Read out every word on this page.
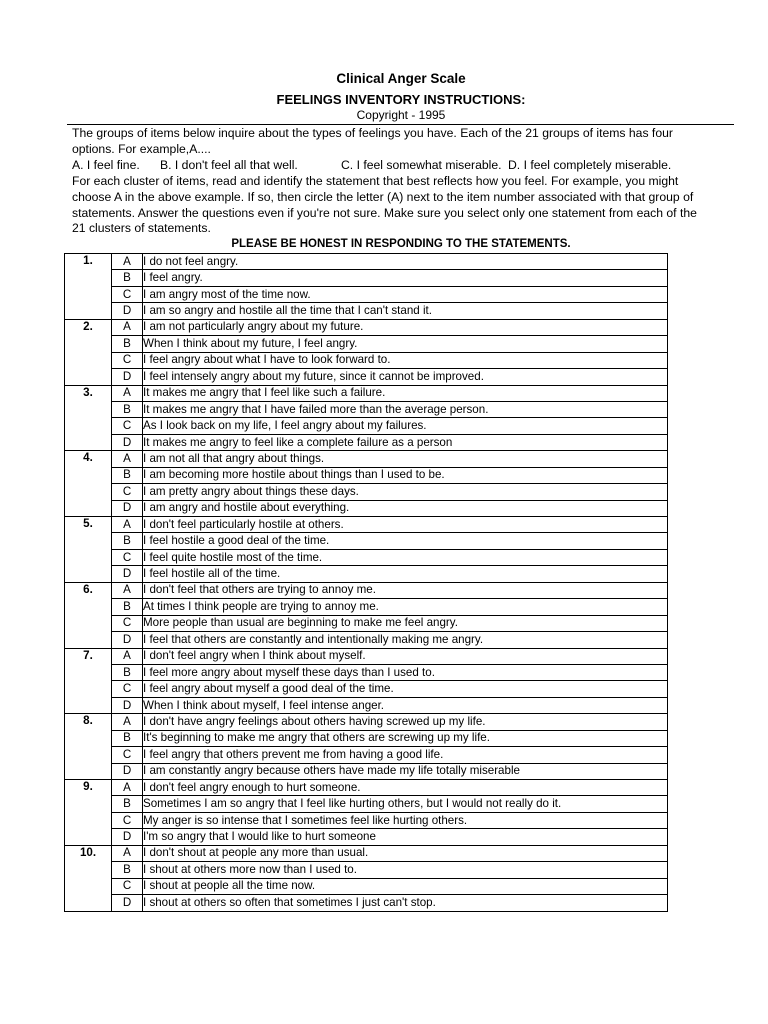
Clinical Anger Scale
FEELINGS INVENTORY INSTRUCTIONS:
Copyright - 1995
The groups of items below inquire about the types of feelings you have. Each of the 21 groups of items has four
options. For example,A....
A. I feel fine. B. I don't feel all that well.	C. I feel somewhat miserable. D. I feel completely miserable.
For each cluster of items, read and identify the statement that best reflects how you feel. For example, you might
choose A in the above example. If so, then circle the letter (A) next to the item number associated with that group of
statements. Answer the questions even if you're not sure. Make sure you select only one statement from each of the
21 clusters of statements.
PLEASE BE HONEST IN RESPONDING TO THE STATEMENTS.
1.	A	I do not feel angry.
	B	I feel angry.
	C	I am angry most of the time now.
	D	I am so angry and hostile all the time that I can't stand it.
2.	A	I am not particularly angry about my future.
	B	When I think about my future, I feel angry.
	C	I feel angry about what I have to look forward to.
	D	I feel intensely angry about my future, since it cannot be improved.
3.	A	It makes me angry that I feel like such a failure.
	B	It makes me angry that I have failed more than the average person.
	C	As I look back on my life, I feel angry about my failures.
	D	It makes me angry to feel like a complete failure as a person
4.	A	I am not all that angry about things.
	B	I am becoming more hostile about things than I used to be.
	C	I am pretty angry about things these days.
	D	I am angry and hostile about everything.
5.	A	I don't feel particularly hostile at others.
	B	I feel hostile a good deal of the time.
	C	I feel quite hostile most of the time.
	D	I feel hostile all of the time.
6.	A	I don't feel that others are trying to annoy me.
	B	At times I think people are trying to annoy me.
	C	More people than usual are beginning to make me feel angry.
	D	I feel that others are constantly and intentionally making me angry.
7.	A	I don't feel angry when I think about myself.
	B	I feel more angry about myself these days than I used to.
	C	I feel angry about myself a good deal of the time.
	D	When I think about myself, I feel intense anger.
8.	A	I don't have angry feelings about others having screwed up my life.
	B	It's beginning to make me angry that others are screwing up my life.
	C	I feel angry that others prevent me from having a good life.
	D	I am constantly angry because others have made my life totally miserable
9.	A	I don't feel angry enough to hurt someone.
	B	Sometimes I am so angry that I feel like hurting others, but I would not really do it.
	C	My anger is so intense that I sometimes feel like hurting others.
	D	I'm so angry that I would like to hurt someone
10.	A	I don't shout at people any more than usual.
	B	I shout at others more now than I used to.
	C	I shout at people all the time now.
	D	I shout at others so often that sometimes I just can't stop.
